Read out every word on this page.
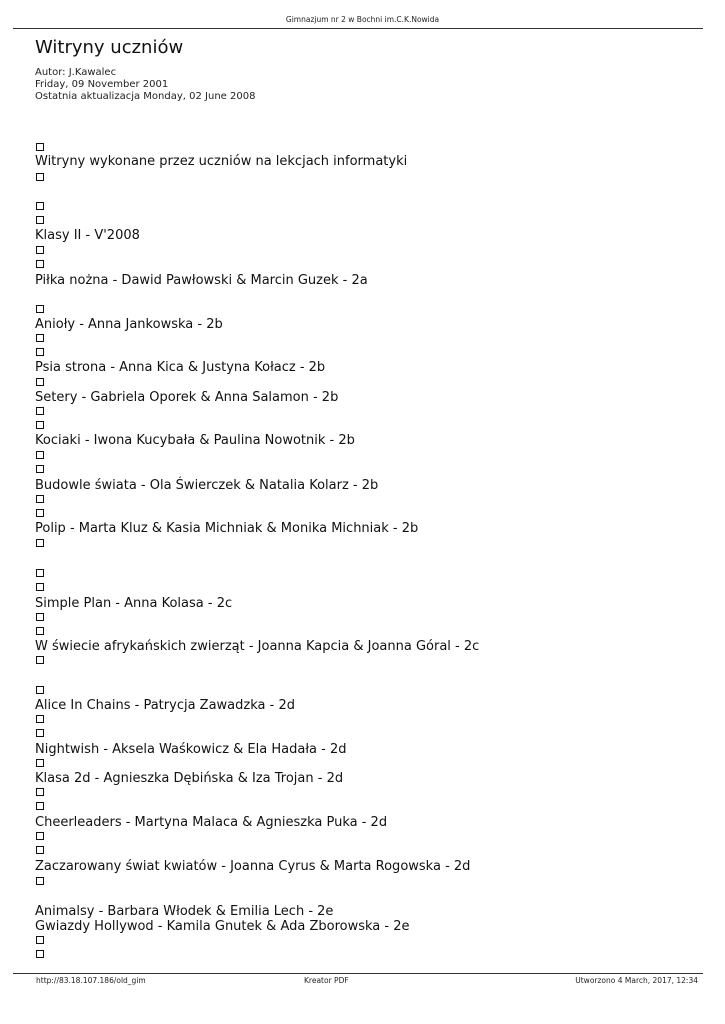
Gimnazjum nr 2 w Bochni im.C.K.Nowida
Witryny uczniów
Autor: J.Kawalec
Friday, 09 November 2001
Ostatnia aktualizacja Monday, 02 June 2008
Witryny wykonane przez uczniów na lekcjach informatyki
Klasy II - V'2008
Piłka nożna - Dawid Pawłowski & Marcin Guzek - 2a
Anioły - Anna Jankowska - 2b
Psia strona - Anna Kica & Justyna Kołacz - 2b
Setery - Gabriela Oporek & Anna Salamon - 2b
Kociaki - Iwona Kucybała & Paulina Nowotnik - 2b
Budowle świata - Ola Świerczek & Natalia Kolarz - 2b
Polip - Marta Kluz & Kasia Michniak & Monika Michniak - 2b
Simple Plan - Anna Kolasa - 2c
W świecie afrykańskich zwierząt - Joanna Kapcia & Joanna Góral - 2c
Alice In Chains - Patrycja Zawadzka - 2d
Nightwish - Aksela Waśkowicz & Ela Hadała - 2d
Klasa 2d - Agnieszka Dębińska & Iza Trojan - 2d
Cheerleaders - Martyna Malaca & Agnieszka Puka - 2d
Zaczarowany świat kwiatów - Joanna Cyrus & Marta Rogowska - 2d
Animalsy - Barbara Włodek & Emilia Lech - 2e
Gwiazdy Hollywod - Kamila Gnutek & Ada Zborowska - 2e
http://83.18.107.186/old_gim	Kreator PDF	Utworzono 4 March, 2017, 12:34
